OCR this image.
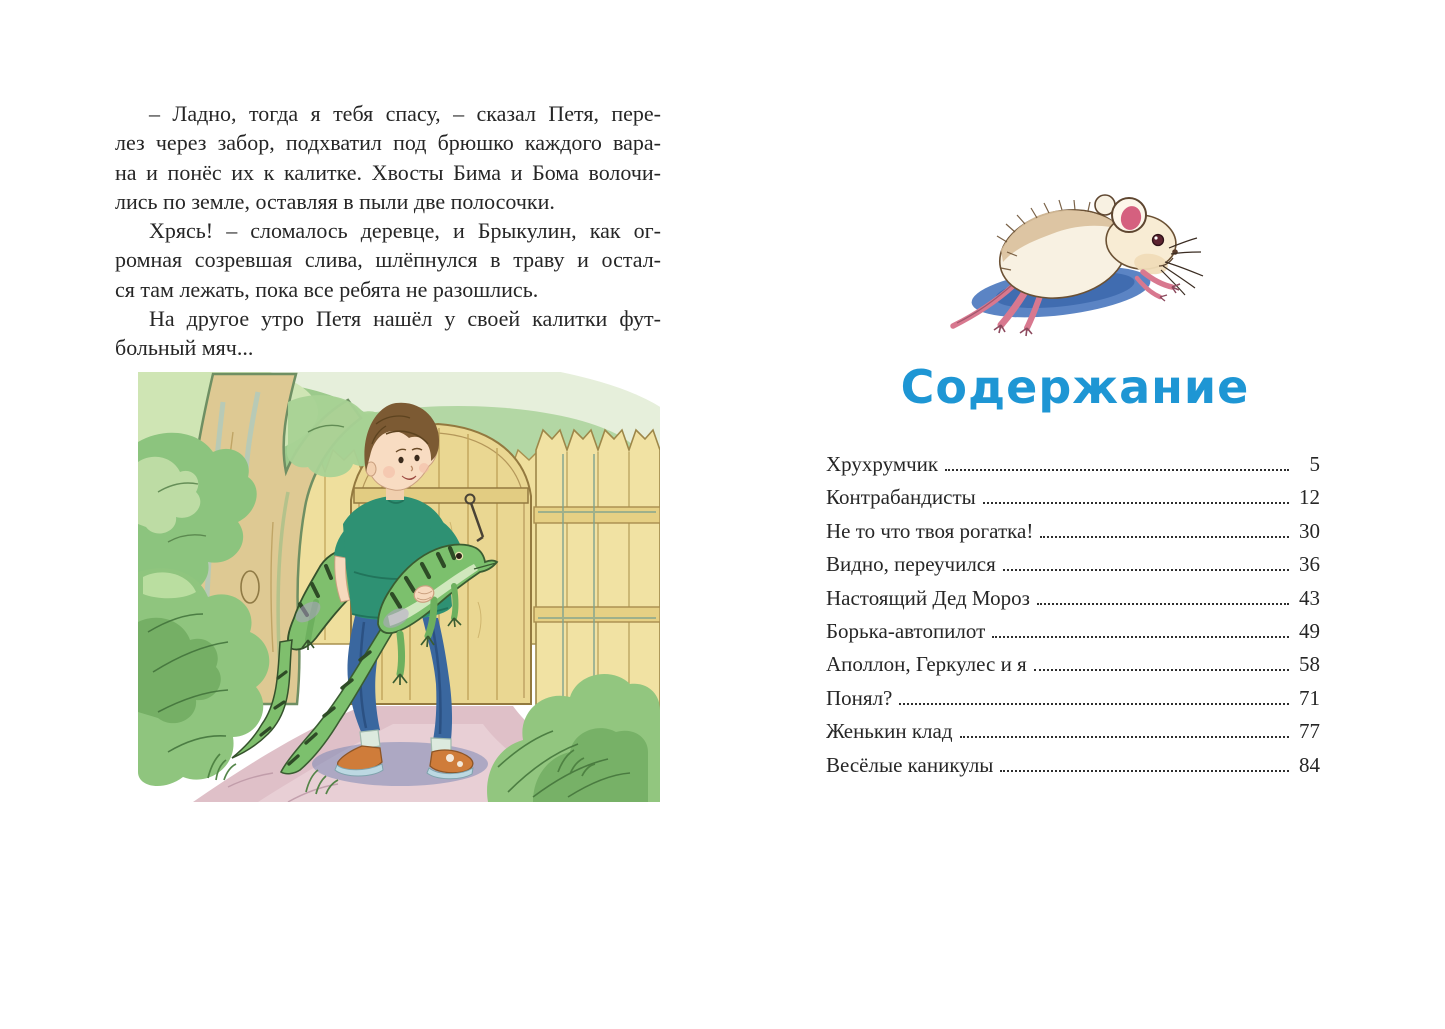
– Ладно, тогда я тебя спасу, – сказал Петя, пере-
лез через забор, подхватил под брюшко каждого вара-
на и понёс их к калитке. Хвосты Бима и Бома волочи-
лись по земле, оставляя в пыли две полосочки.
Хрясь! – сломалось деревце, и Брыкулин, как ог-
ромная созревшая слива, шлёпнулся в траву и остал-
ся там лежать, пока все ребята не разошлись.
На другое утро Петя нашёл у своей калитки фут-
больный мяч...
Содержание
Хрухрумчик	5
Контрабандисты	12
Не то что твоя рогатка!	30
Видно, переучился	36
Настоящий Дед Мороз	43
Борька-автопилот	49
Аполлон, Геркулес и я	58
Понял?	71
Женькин клад	77
Весёлые каникулы	84
